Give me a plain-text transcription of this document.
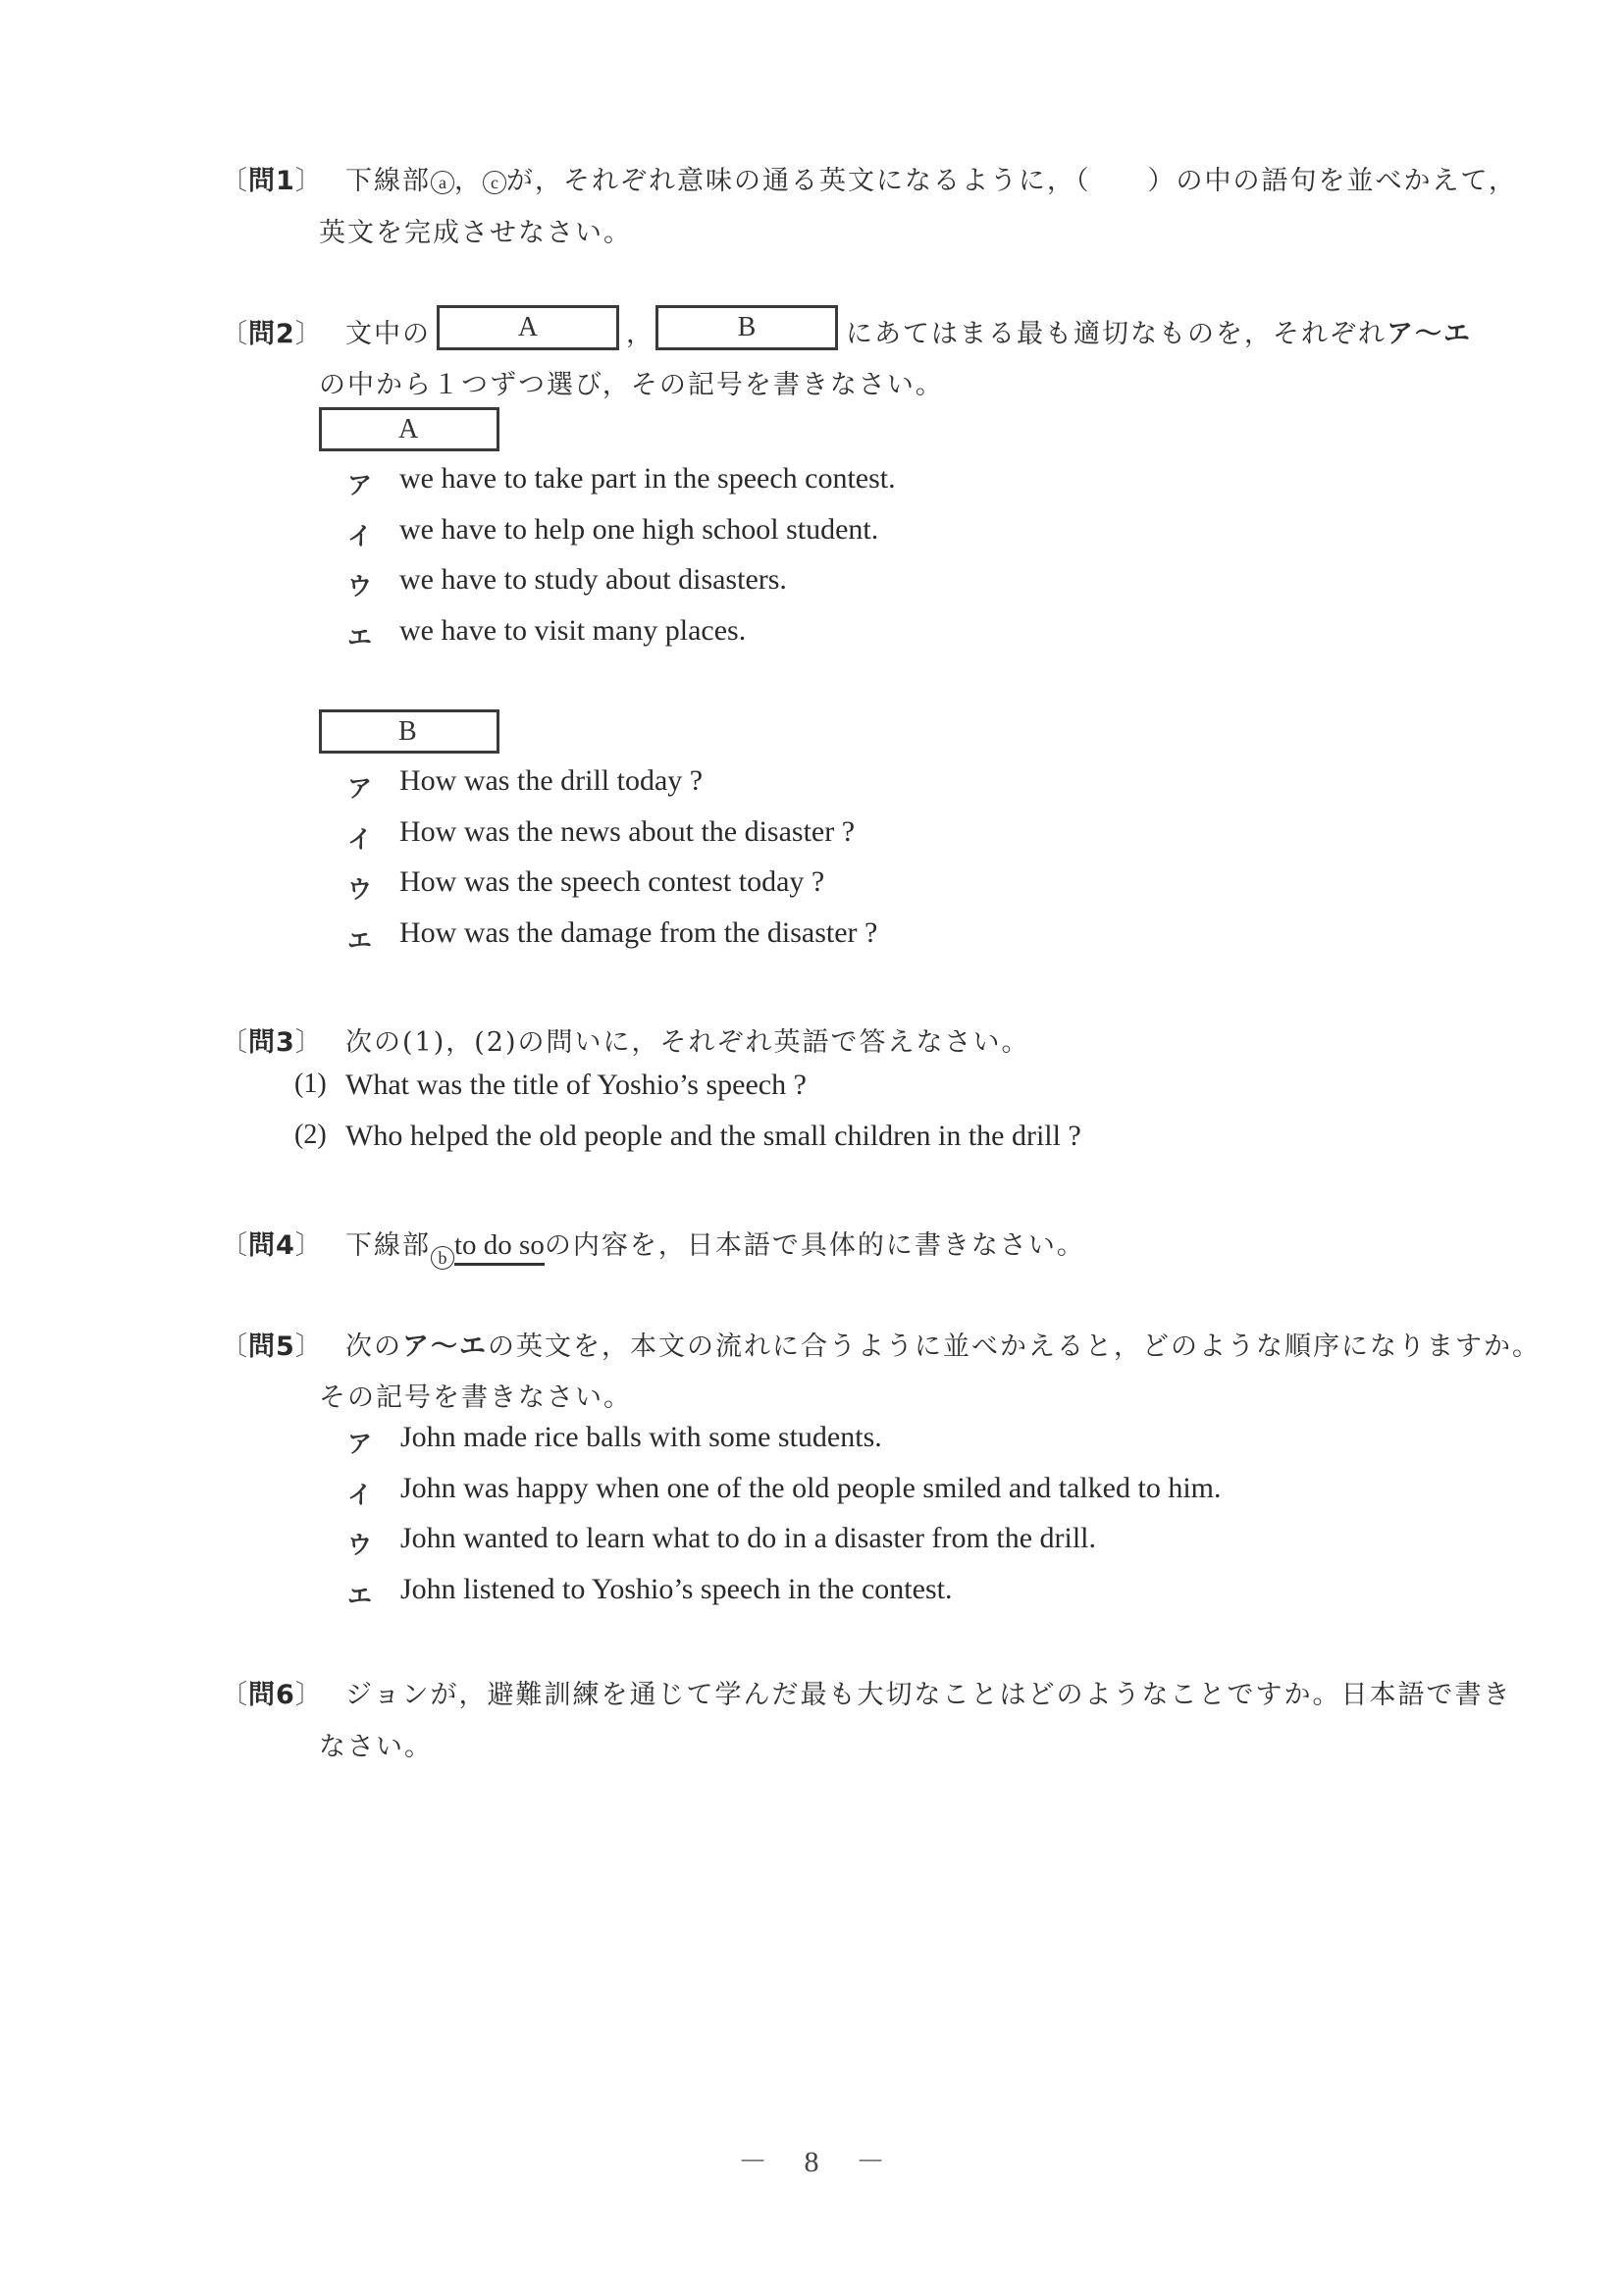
〔問1〕 下線部 a ， c が，それぞれ意味の通る英文になるように，（　　）の中の語句を並べかえて，
英文を完成させなさい。
〔問2〕 文中の	A	，	B	にあてはまる最も適切なものを，それぞれア〜エ
の中から１つずつ選び，その記号を書きなさい。
A
ア we have to take part in the speech contest.
イ we have to help one high school student.
ウ we have to study about disasters.
エ we have to visit many places.
B
ア How was the drill today ?
イ How was the news about the disaster ?
ウ How was the speech contest today ?
エ How was the damage from the disaster ?
〔問3〕 次の(1)，(2)の問いに，それぞれ英語で答えなさい。
(1) What was the title of Yoshio’s speech ?
(2) Who helped the old people and the small children in the drill ?
〔問4〕 下線部 b to do soの内容を，日本語で具体的に書きなさい。
〔問5〕 次のア〜エの英文を，本文の流れに合うように並べかえると，どのような順序になりますか。
その記号を書きなさい。
ア John made rice balls with some students.
イ John was happy when one of the old people smiled and talked to him.
ウ John wanted to learn what to do in a disaster from the drill.
エ John listened to Yoshio’s speech in the contest.
〔問6〕 ジョンが，避難訓練を通じて学んだ最も大切なことはどのようなことですか。日本語で書き
なさい。
－ 8 －
